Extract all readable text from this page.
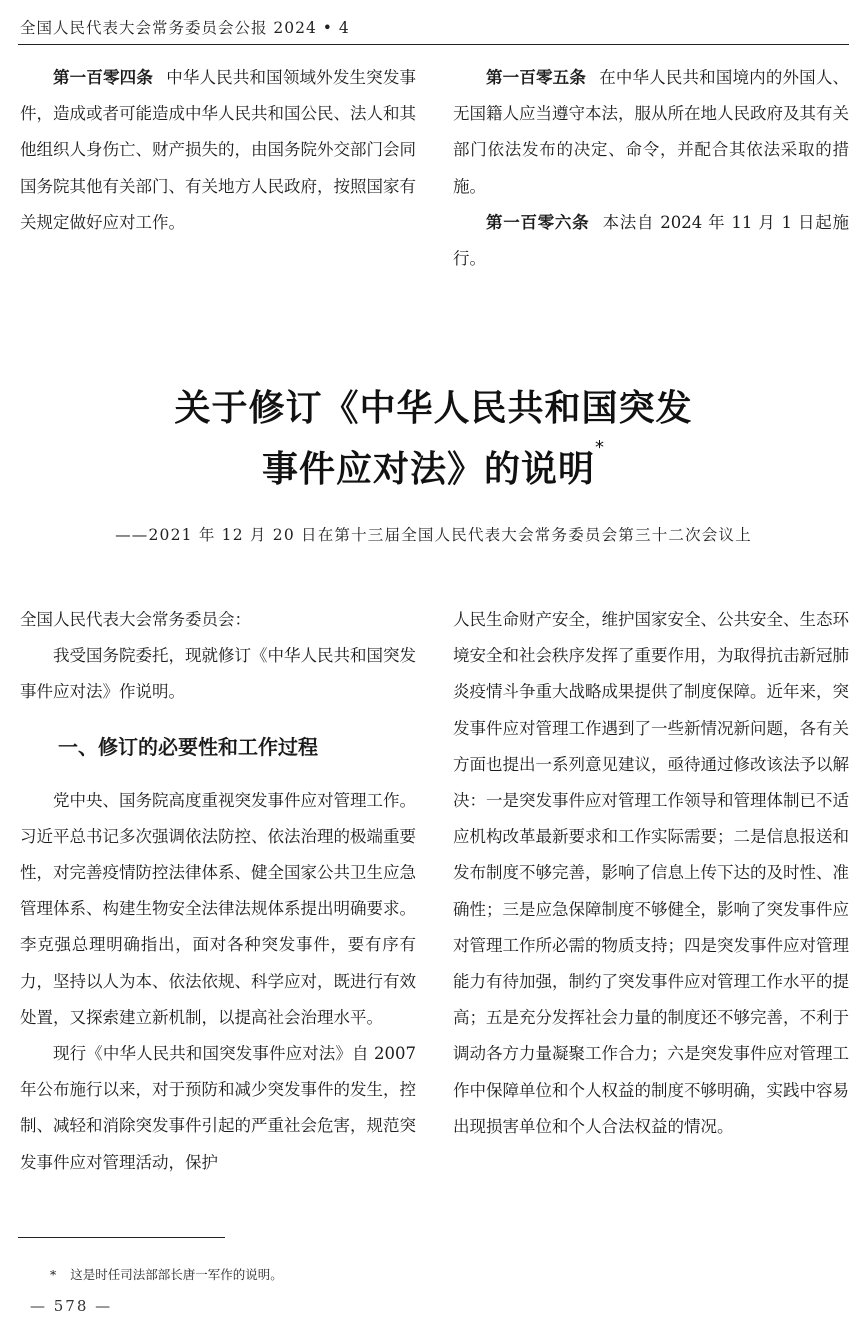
全国人民代表大会常务委员会公报 2024 • 4

第一百零四条 中华人民共和国领域外发生突发事件，造成或者可能造成中华人民共和国公民、法人和其他组织人身伤亡、财产损失的，由国务院外交部门会同国务院其他有关部门、有关地方人民政府，按照国家有关规定做好应对工作。

第一百零五条 在中华人民共和国境内的外国人、无国籍人应当遵守本法，服从所在地人民政府及其有关部门依法发布的决定、命令，并配合其依法采取的措施。

第一百零六条 本法自 2024 年 11 月 1 日起施行。

关于修订《中华人民共和国突发
事件应对法》的说明*
——2021 年 12 月 20 日在第十三届全国人民代表大会常务委员会第三十二次会议上

全国人民代表大会常务委员会：

我受国务院委托，现就修订《中华人民共和国突发事件应对法》作说明。

一、修订的必要性和工作过程

党中央、国务院高度重视突发事件应对管理工作。习近平总书记多次强调依法防控、依法治理的极端重要性，对完善疫情防控法律体系、健全国家公共卫生应急管理体系、构建生物安全法律法规体系提出明确要求。李克强总理明确指出，面对各种突发事件，要有序有力，坚持以人为本、依法依规、科学应对，既进行有效处置，又探索建立新机制，以提高社会治理水平。

现行《中华人民共和国突发事件应对法》自 2007 年公布施行以来，对于预防和减少突发事件的发生，控制、减轻和消除突发事件引起的严重社会危害，规范突发事件应对管理活动，保护

人民生命财产安全，维护国家安全、公共安全、生态环境安全和社会秩序发挥了重要作用，为取得抗击新冠肺炎疫情斗争重大战略成果提供了制度保障。近年来，突发事件应对管理工作遇到了一些新情况新问题，各有关方面也提出一系列意见建议，亟待通过修改该法予以解决：一是突发事件应对管理工作领导和管理体制已不适应机构改革最新要求和工作实际需要；二是信息报送和发布制度不够完善，影响了信息上传下达的及时性、准确性；三是应急保障制度不够健全，影响了突发事件应对管理工作所必需的物质支持；四是突发事件应对管理能力有待加强，制约了突发事件应对管理工作水平的提高；五是充分发挥社会力量的制度还不够完善，不利于调动各方力量凝聚工作合力；六是突发事件应对管理工作中保障单位和个人权益的制度不够明确，实践中容易出现损害单位和个人合法权益的情况。

* 这是时任司法部部长唐一军作的说明。
— 578 —
